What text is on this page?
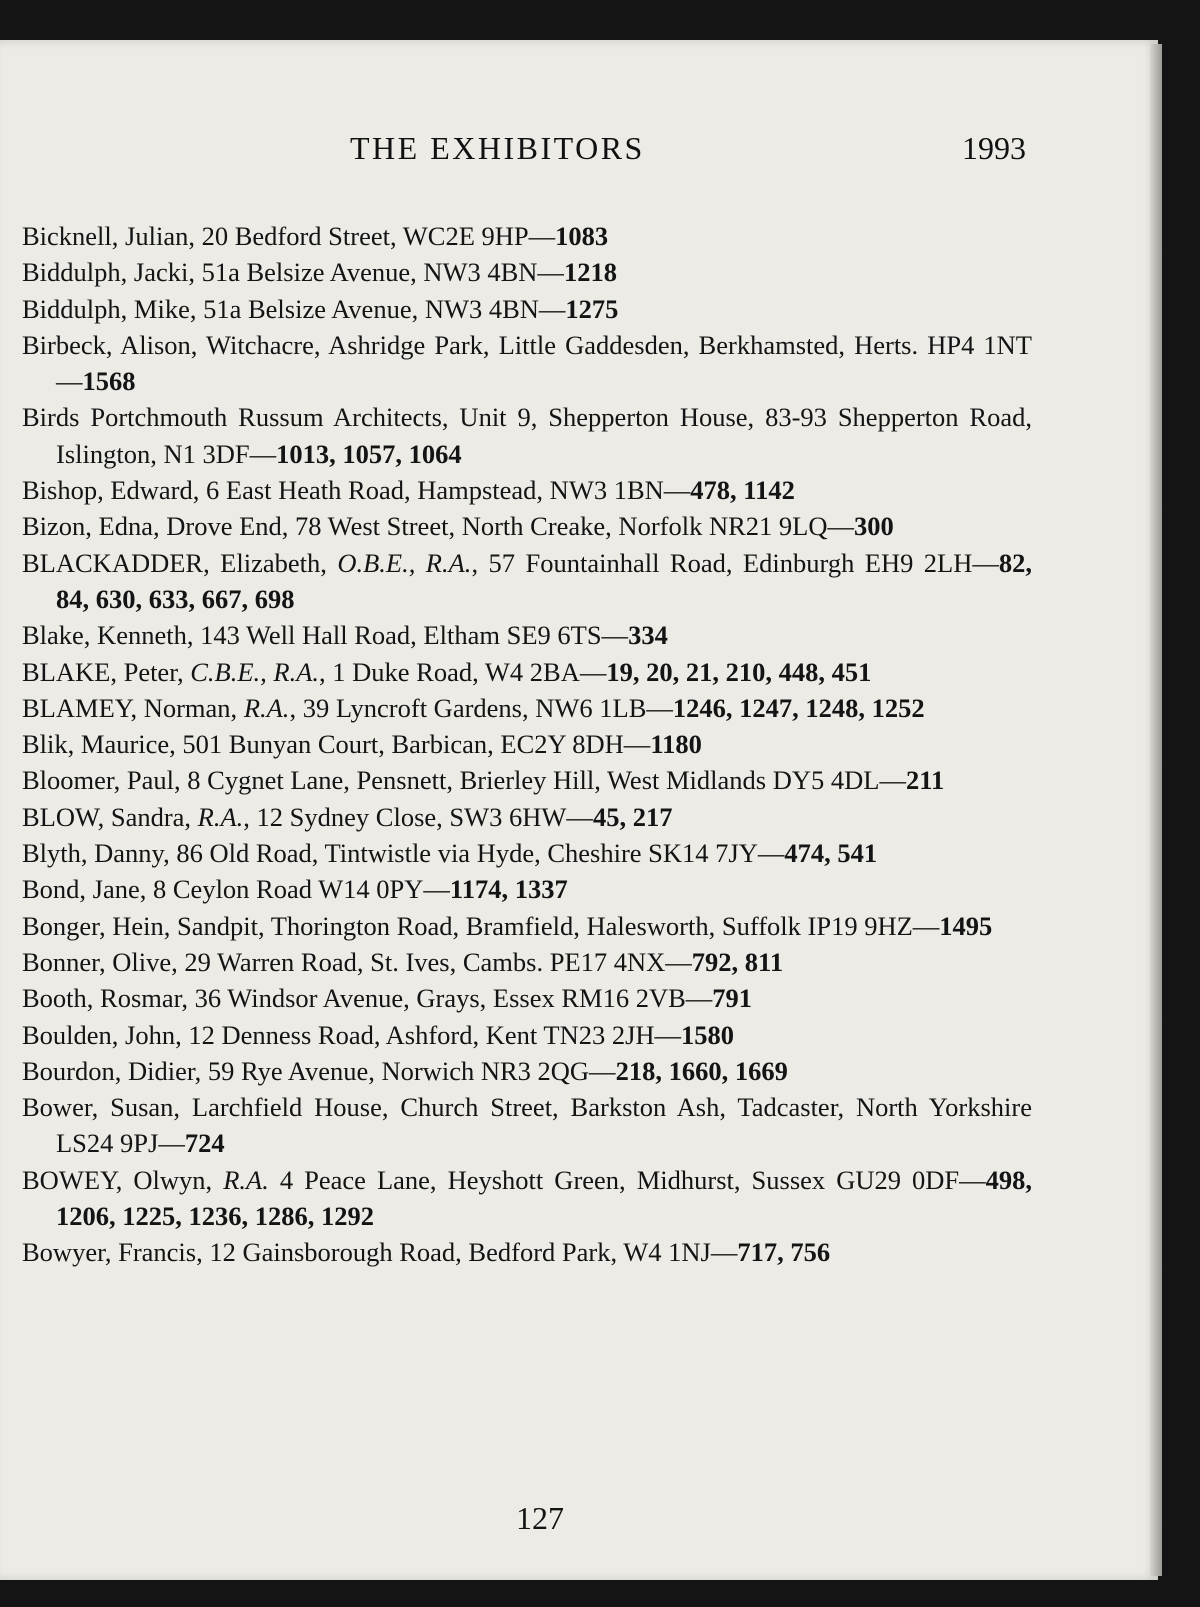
THE EXHIBITORS	1993

Bicknell, Julian, 20 Bedford Street, WC2E 9HP—1083

Biddulph, Jacki, 51a Belsize Avenue, NW3 4BN—1218

Biddulph, Mike, 51a Belsize Avenue, NW3 4BN—1275

Birbeck, Alison, Witchacre, Ashridge Park, Little Gaddesden, Berkhamsted, Herts. HP4 1NT—1568

Birds Portchmouth Russum Architects, Unit 9, Shepperton House, 83-93 Shepperton Road, Islington, N1 3DF—1013, 1057, 1064

Bishop, Edward, 6 East Heath Road, Hampstead, NW3 1BN—478, 1142

Bizon, Edna, Drove End, 78 West Street, North Creake, Norfolk NR21 9LQ—300

BLACKADDER, Elizabeth, O.B.E., R.A., 57 Fountainhall Road, Edinburgh EH9 2LH—82, 84, 630, 633, 667, 698

Blake, Kenneth, 143 Well Hall Road, Eltham SE9 6TS—334

BLAKE, Peter, C.B.E., R.A., 1 Duke Road, W4 2BA—19, 20, 21, 210, 448, 451

BLAMEY, Norman, R.A., 39 Lyncroft Gardens, NW6 1LB—1246, 1247, 1248, 1252

Blik, Maurice, 501 Bunyan Court, Barbican, EC2Y 8DH—1180

Bloomer, Paul, 8 Cygnet Lane, Pensnett, Brierley Hill, West Midlands DY5 4DL—211

BLOW, Sandra, R.A., 12 Sydney Close, SW3 6HW—45, 217

Blyth, Danny, 86 Old Road, Tintwistle via Hyde, Cheshire SK14 7JY—474, 541

Bond, Jane, 8 Ceylon Road W14 0PY—1174, 1337

Bonger, Hein, Sandpit, Thorington Road, Bramfield, Halesworth, Suffolk IP19 9HZ—1495

Bonner, Olive, 29 Warren Road, St. Ives, Cambs. PE17 4NX—792, 811

Booth, Rosmar, 36 Windsor Avenue, Grays, Essex RM16 2VB—791

Boulden, John, 12 Denness Road, Ashford, Kent TN23 2JH—1580

Bourdon, Didier, 59 Rye Avenue, Norwich NR3 2QG—218, 1660, 1669

Bower, Susan, Larchfield House, Church Street, Barkston Ash, Tadcaster, North Yorkshire LS24 9PJ—724

BOWEY, Olwyn, R.A. 4 Peace Lane, Heyshott Green, Midhurst, Sussex GU29 0DF—498, 1206, 1225, 1236, 1286, 1292

Bowyer, Francis, 12 Gainsborough Road, Bedford Park, W4 1NJ—717, 756

127
